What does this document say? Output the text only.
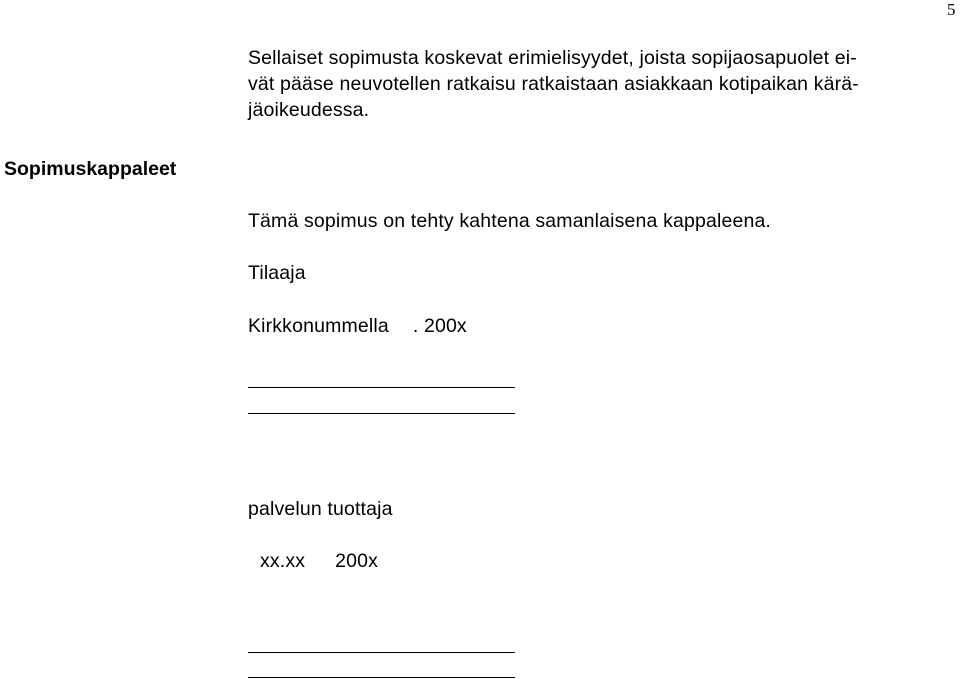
5
Sellaiset sopimusta koskevat erimielisyydet, joista sopijaosapuolet ei-
vät pääse neuvotellen ratkaisu ratkaistaan asiakkaan kotipaikan kärä-
jäoikeudessa.
Sopimuskappaleet
Tämä sopimus on tehty kahtena samanlaisena kappaleena.
Tilaaja
Kirkkonummella . 200x
palvelun tuottaja
xx.xx 200x
